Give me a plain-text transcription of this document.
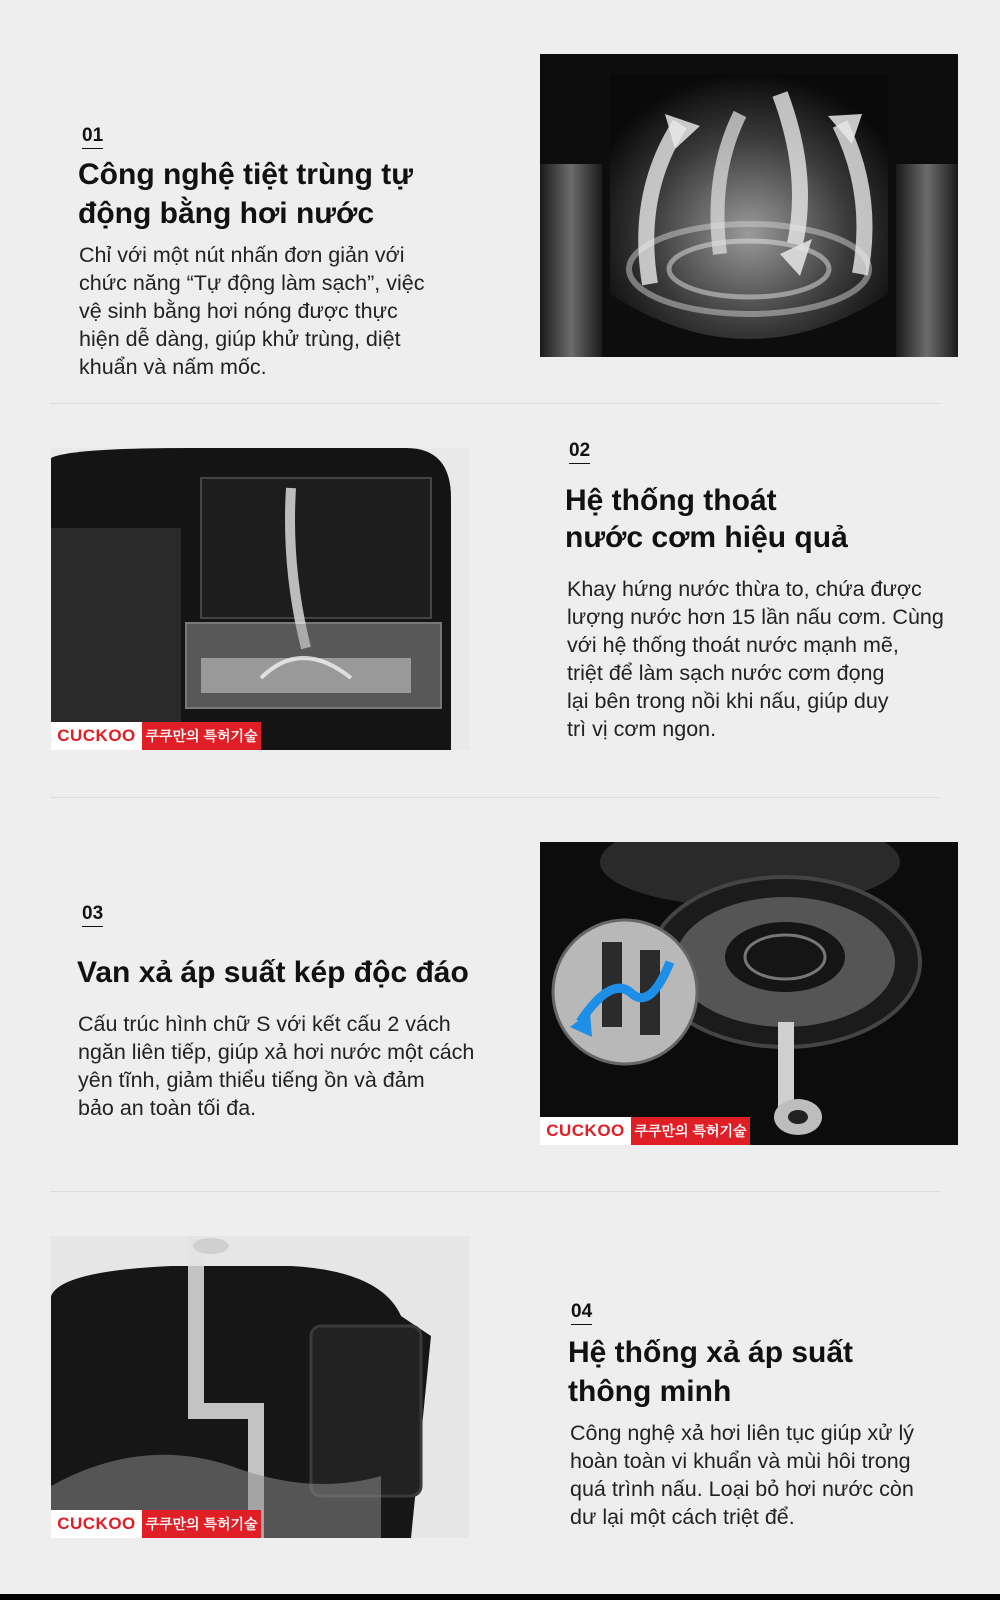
01
Công nghệ tiệt trùng tự
động bằng hơi nước

Chỉ với một nút nhấn đơn giản với
chức năng “Tự động làm sạch”, việc
vệ sinh bằng hơi nóng được thực
hiện dễ dàng, giúp khử trùng, diệt
khuẩn và nấm mốc.

CUCKOO 쿠쿠만의 특허기술
02
Hệ thống thoát
nước cơm hiệu quả

Khay hứng nước thừa to, chứa được
lượng nước hơn 15 lần nấu cơm. Cùng
với hệ thống thoát nước mạnh mẽ,
triệt để làm sạch nước cơm đọng
lại bên trong nồi khi nấu, giúp duy
trì vị cơm ngon.

03
Van xả áp suất kép độc đáo

Cấu trúc hình chữ S với kết cấu 2 vách
ngăn liên tiếp, giúp xả hơi nước một cách
yên tĩnh, giảm thiểu tiếng ồn và đảm
bảo an toàn tối đa.

CUCKOO 쿠쿠만의 특허기술
CUCKOO 쿠쿠만의 특허기술
04
Hệ thống xả áp suất
thông minh

Công nghệ xả hơi liên tục giúp xử lý
hoàn toàn vi khuẩn và mùi hôi trong
quá trình nấu. Loại bỏ hơi nước còn
dư lại một cách triệt để.
